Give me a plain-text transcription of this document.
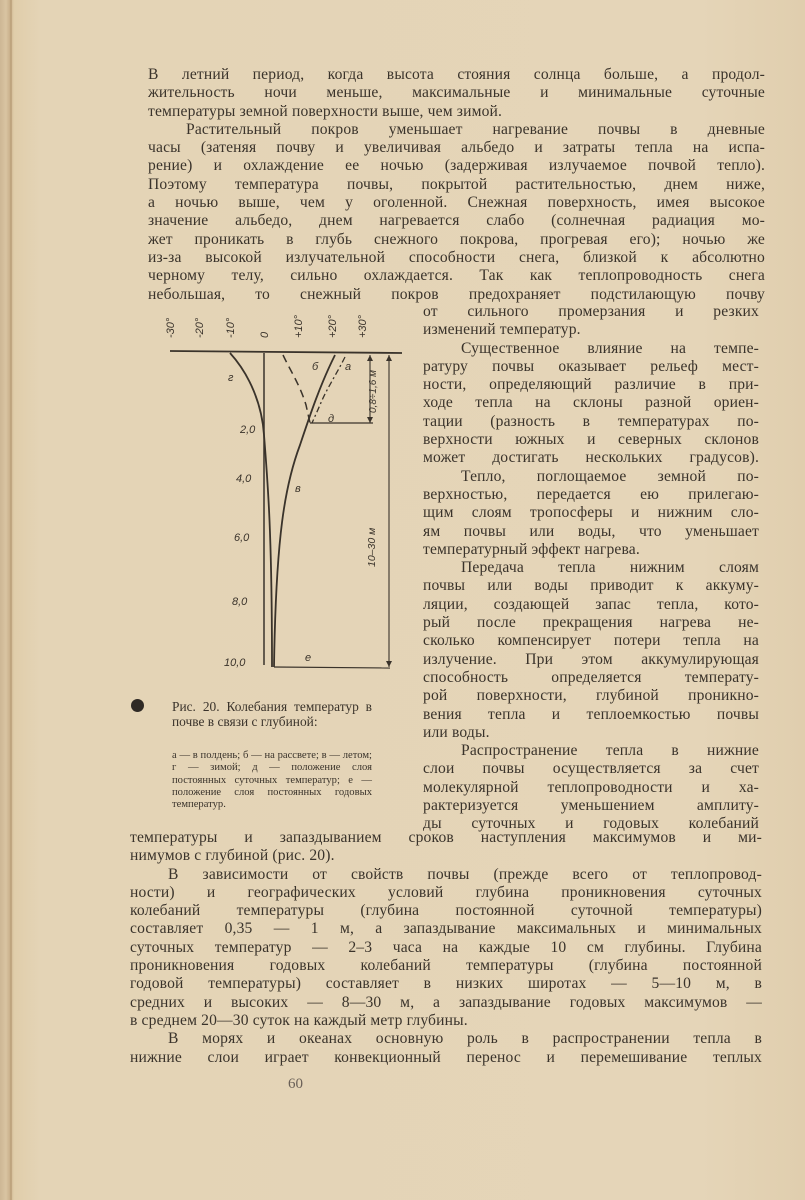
В летний период, когда высота стояния солнца больше, а продол-
жительность ночи меньше, максимальные и минимальные суточные
температуры земной поверхности выше, чем зимой.

Растительный покров уменьшает нагревание почвы в дневные
часы (затеняя почву и увеличивая альбедо и затраты тепла на испа-
рение) и охлаждение ее ночью (задерживая излучаемое почвой тепло).
Поэтому температура почвы, покрытой растительностью, днем ниже,
а ночью выше, чем у оголенной. Снежная поверхность, имея высокое
значение альбедо, днем нагревается слабо (солнечная радиация мо-
жет проникать в глубь снежного покрова, прогревая его); ночью же
из-за высокой излучательной способности снега, близкой к абсолютно
черному телу, сильно охлаждается. Так как теплопроводность снега
небольшая, то снежный покров предохраняет подстилающую почву

от сильного промерзания и резких
изменений температур.

Существенное влияние на темпе-
ратуру почвы оказывает рельеф мест-
ности, определяющий различие в при-
ходе тепла на склоны разной ориен-
тации (разность в температурах по-
верхности южных и северных склонов
может достигать нескольких градусов).

Тепло, поглощаемое земной по-
верхностью, передается ею прилегаю-
щим слоям тропосферы и нижним сло-
ям почвы или воды, что уменьшает
температурный эффект нагрева.

Передача тепла нижним слоям
почвы или воды приводит к аккуму-
ляции, создающей запас тепла, кото-
рый после прекращения нагрева не-
сколько компенсирует потери тепла на
излучение. При этом аккумулирующая
способность определяется температу-
рой поверхности, глубиной проникно-
вения тепла и теплоемкостью почвы
или воды.

Распространение тепла в нижние
слои почвы осуществляется за счет
молекулярной теплопроводности и ха-
рактеризуется уменьшением амплиту-
ды суточных и годовых колебаний

-30° -20° -10° 0 +10° +20° +30°
2,0
4,0
6,0
8,0
10,0
г
б а
д
в
е
0,8÷1,6 м
10–30 м
Рис. 20. Колебания температур в почве в связи с глубиной:
а — в полдень; б — на рассвете; в — летом; г — зимой; д — положение слоя постоянных суточных температур; е — положение слоя постоянных годовых температур.

температуры и запаздыванием сроков наступления максимумов и ми-
нимумов с глубиной (рис. 20).

В зависимости от свойств почвы (прежде всего от теплопровод-
ности) и географических условий глубина проникновения суточных
колебаний температуры (глубина постоянной суточной температуры)
составляет 0,35 — 1 м, а запаздывание максимальных и минимальных
суточных температур — 2–3 часа на каждые 10 см глубины. Глубина
проникновения годовых колебаний температуры (глубина постоянной
годовой температуры) составляет в низких широтах — 5—10 м, в
средних и высоких — 8—30 м, а запаздывание годовых максимумов —
в среднем 20—30 суток на каждый метр глубины.

В морях и океанах основную роль в распространении тепла в
нижние слои играет конвекционный перенос и перемешивание теплых

60
